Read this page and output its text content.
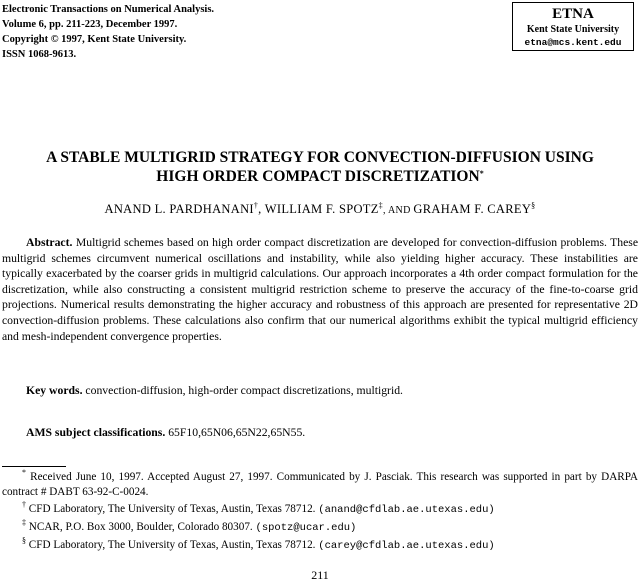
Electronic Transactions on Numerical Analysis.
Volume 6, pp. 211-223, December 1997.
Copyright © 1997, Kent State University.
ISSN 1068-9613.
ETNA
Kent State University
etna@mcs.kent.edu
A STABLE MULTIGRID STRATEGY FOR CONVECTION-DIFFUSION USING
HIGH ORDER COMPACT DISCRETIZATION*
ANAND L. PARDHANANI†, WILLIAM F. SPOTZ‡, AND GRAHAM F. CAREY§

Abstract. Multigrid schemes based on high order compact discretization are developed for convection-diffusion problems. These multigrid schemes circumvent numerical oscillations and instability, while also yielding higher accuracy. These instabilities are typically exacerbated by the coarser grids in multigrid calculations. Our approach incorporates a 4th order compact formulation for the discretization, while also constructing a consistent multigrid restriction scheme to preserve the accuracy of the fine-to-coarse grid projections. Numerical results demonstrating the higher accuracy and robustness of this approach are presented for representative 2D convection-diffusion problems. These calculations also confirm that our numerical algorithms exhibit the typical multigrid efficiency and mesh-independent convergence properties.

Key words. convection-diffusion, high-order compact discretizations, multigrid.

AMS subject classifications. 65F10,65N06,65N22,65N55.

* Received June 10, 1997. Accepted August 27, 1997. Communicated by J. Pasciak. This research was supported in part by DARPA contract # DABT 63-92-C-0024.

† CFD Laboratory, The University of Texas, Austin, Texas 78712. (anand@cfdlab.ae.utexas.edu)

‡ NCAR, P.O. Box 3000, Boulder, Colorado 80307. (spotz@ucar.edu)

§ CFD Laboratory, The University of Texas, Austin, Texas 78712. (carey@cfdlab.ae.utexas.edu)

211
